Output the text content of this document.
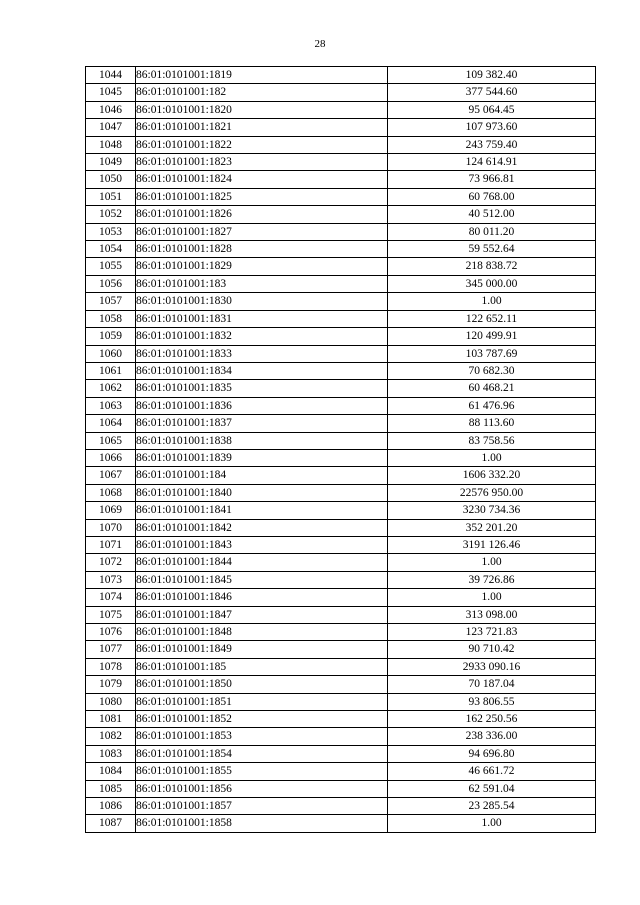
28
1044	86:01:0101001:1819	109 382.40
1045	86:01:0101001:182	377 544.60
1046	86:01:0101001:1820	95 064.45
1047	86:01:0101001:1821	107 973.60
1048	86:01:0101001:1822	243 759.40
1049	86:01:0101001:1823	124 614.91
1050	86:01:0101001:1824	73 966.81
1051	86:01:0101001:1825	60 768.00
1052	86:01:0101001:1826	40 512.00
1053	86:01:0101001:1827	80 011.20
1054	86:01:0101001:1828	59 552.64
1055	86:01:0101001:1829	218 838.72
1056	86:01:0101001:183	345 000.00
1057	86:01:0101001:1830	1.00
1058	86:01:0101001:1831	122 652.11
1059	86:01:0101001:1832	120 499.91
1060	86:01:0101001:1833	103 787.69
1061	86:01:0101001:1834	70 682.30
1062	86:01:0101001:1835	60 468.21
1063	86:01:0101001:1836	61 476.96
1064	86:01:0101001:1837	88 113.60
1065	86:01:0101001:1838	83 758.56
1066	86:01:0101001:1839	1.00
1067	86:01:0101001:184	1606 332.20
1068	86:01:0101001:1840	22576 950.00
1069	86:01:0101001:1841	3230 734.36
1070	86:01:0101001:1842	352 201.20
1071	86:01:0101001:1843	3191 126.46
1072	86:01:0101001:1844	1.00
1073	86:01:0101001:1845	39 726.86
1074	86:01:0101001:1846	1.00
1075	86:01:0101001:1847	313 098.00
1076	86:01:0101001:1848	123 721.83
1077	86:01:0101001:1849	90 710.42
1078	86:01:0101001:185	2933 090.16
1079	86:01:0101001:1850	70 187.04
1080	86:01:0101001:1851	93 806.55
1081	86:01:0101001:1852	162 250.56
1082	86:01:0101001:1853	238 336.00
1083	86:01:0101001:1854	94 696.80
1084	86:01:0101001:1855	46 661.72
1085	86:01:0101001:1856	62 591.04
1086	86:01:0101001:1857	23 285.54
1087	86:01:0101001:1858	1.00
